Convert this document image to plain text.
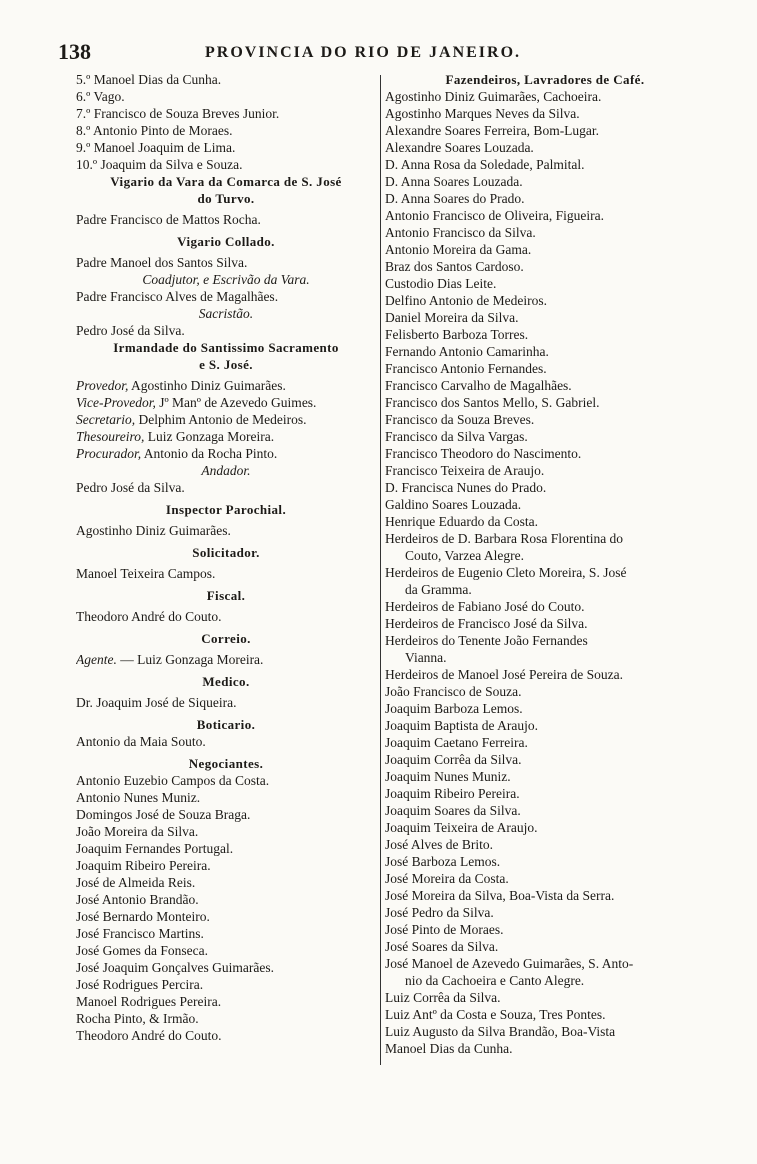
138	PROVINCIA DO RIO DE JANEIRO.
5.º Manoel Dias da Cunha.
6.º Vago.
7.º Francisco de Souza Breves Junior.
8.º Antonio Pinto de Moraes.
9.º Manoel Joaquim de Lima.
10.º Joaquim da Silva e Souza.
Vigario da Vara da Comarca de S. José
do Turvo.
Padre Francisco de Mattos Rocha.
Vigario Collado.
Padre Manoel dos Santos Silva.
Coadjutor, e Escrivão da Vara.
Padre Francisco Alves de Magalhães.
Sacristão.
Pedro José da Silva.
Irmandade do Santissimo Sacramento
e S. José.
Provedor, Agostinho Diniz Guimarães.
Vice-Provedor, Jº Manº de Azevedo Guimes.
Secretario, Delphim Antonio de Medeiros.
Thesoureiro, Luiz Gonzaga Moreira.
Procurador, Antonio da Rocha Pinto.
Andador.
Pedro José da Silva.
Inspector Parochial.
Agostinho Diniz Guimarães.
Solicitador.
Manoel Teixeira Campos.
Fiscal.
Theodoro André do Couto.
Correio.
Agente. — Luiz Gonzaga Moreira.
Medico.
Dr. Joaquim José de Siqueira.
Boticario.
Antonio da Maia Souto.
Negociantes.
Antonio Euzebio Campos da Costa.
Antonio Nunes Muniz.
Domingos José de Souza Braga.
João Moreira da Silva.
Joaquim Fernandes Portugal.
Joaquim Ribeiro Pereira.
José de Almeida Reis.
José Antonio Brandão.
José Bernardo Monteiro.
José Francisco Martins.
José Gomes da Fonseca.
José Joaquim Gonçalves Guimarães.
José Rodrigues Percira.
Manoel Rodrigues Pereira.
Rocha Pinto, & Irmão.
Theodoro André do Couto.
Fazendeiros, Lavradores de Café.
Agostinho Diniz Guimarães, Cachoeira.
Agostinho Marques Neves da Silva.
Alexandre Soares Ferreira, Bom-Lugar.
Alexandre Soares Louzada.
D. Anna Rosa da Soledade, Palmital.
D. Anna Soares Louzada.
D. Anna Soares do Prado.
Antonio Francisco de Oliveira, Figueira.
Antonio Francisco da Silva.
Antonio Moreira da Gama.
Braz dos Santos Cardoso.
Custodio Dias Leite.
Delfino Antonio de Medeiros.
Daniel Moreira da Silva.
Felisberto Barboza Torres.
Fernando Antonio Camarinha.
Francisco Antonio Fernandes.
Francisco Carvalho de Magalhães.
Francisco dos Santos Mello, S. Gabriel.
Francisco da Souza Breves.
Francisco da Silva Vargas.
Francisco Theodoro do Nascimento.
Francisco Teixeira de Araujo.
D. Francisca Nunes do Prado.
Galdino Soares Louzada.
Henrique Eduardo da Costa.
Herdeiros de D. Barbara Rosa Florentina do
Couto, Varzea Alegre.
Herdeiros de Eugenio Cleto Moreira, S. José
da Gramma.
Herdeiros de Fabiano José do Couto.
Herdeiros de Francisco José da Silva.
Herdeiros do Tenente João Fernandes
Vianna.
Herdeiros de Manoel José Pereira de Souza.
João Francisco de Souza.
Joaquim Barboza Lemos.
Joaquim Baptista de Araujo.
Joaquim Caetano Ferreira.
Joaquim Corrêa da Silva.
Joaquim Nunes Muniz.
Joaquim Ribeiro Pereira.
Joaquim Soares da Silva.
Joaquim Teixeira de Araujo.
José Alves de Brito.
José Barboza Lemos.
José Moreira da Costa.
José Moreira da Silva, Boa-Vista da Serra.
José Pedro da Silva.
José Pinto de Moraes.
José Soares da Silva.
José Manoel de Azevedo Guimarães, S. Anto-
nio da Cachoeira e Canto Alegre.
Luiz Corrêa da Silva.
Luiz Antº da Costa e Souza, Tres Pontes.
Luiz Augusto da Silva Brandão, Boa-Vista
Manoel Dias da Cunha.
